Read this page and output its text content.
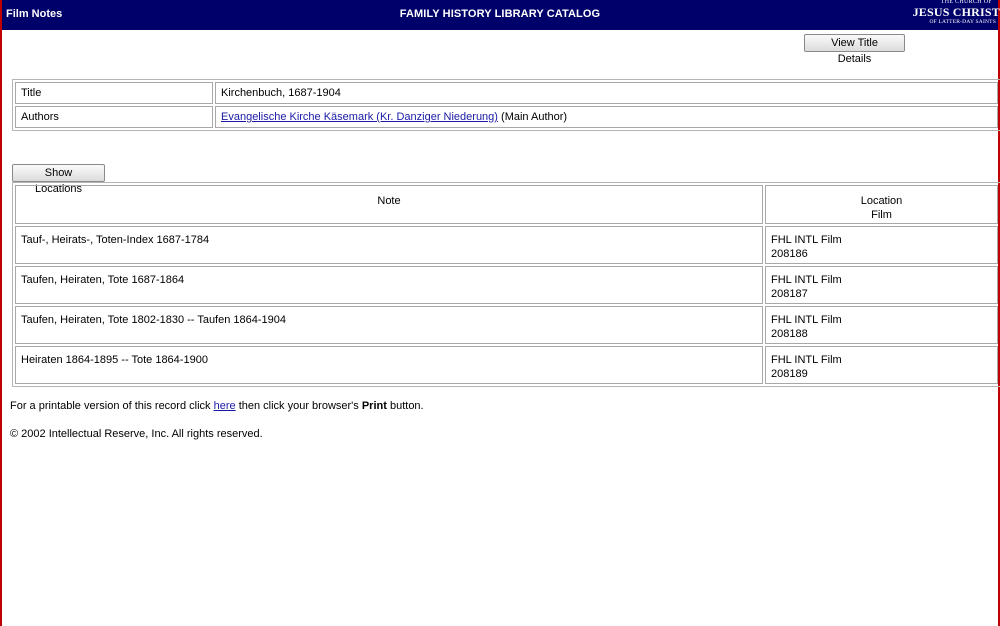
Film Notes	FAMILY HISTORY LIBRARY CATALOG
THE CHURCH OF
JESUS CHRIST
OF LATTER-DAY SAINTS
View Title Details
Title	Kirchenbuch, 1687-1904
Authors	Evangelische Kirche Käsemark (Kr. Danziger Niederung) (Main Author)
Show Locations
Note	Location
Film

Tauf-, Heirats-, Toten-Index 1687-1784	FHL INTL Film
208186

Taufen, Heiraten, Tote 1687-1864	FHL INTL Film
208187

Taufen, Heiraten, Tote 1802-1830 -- Taufen 1864-1904	FHL INTL Film
208188

Heiraten 1864-1895 -- Tote 1864-1900	FHL INTL Film
208189
For a printable version of this record click here then click your browser's Print button.
© 2002 Intellectual Reserve, Inc. All rights reserved.
